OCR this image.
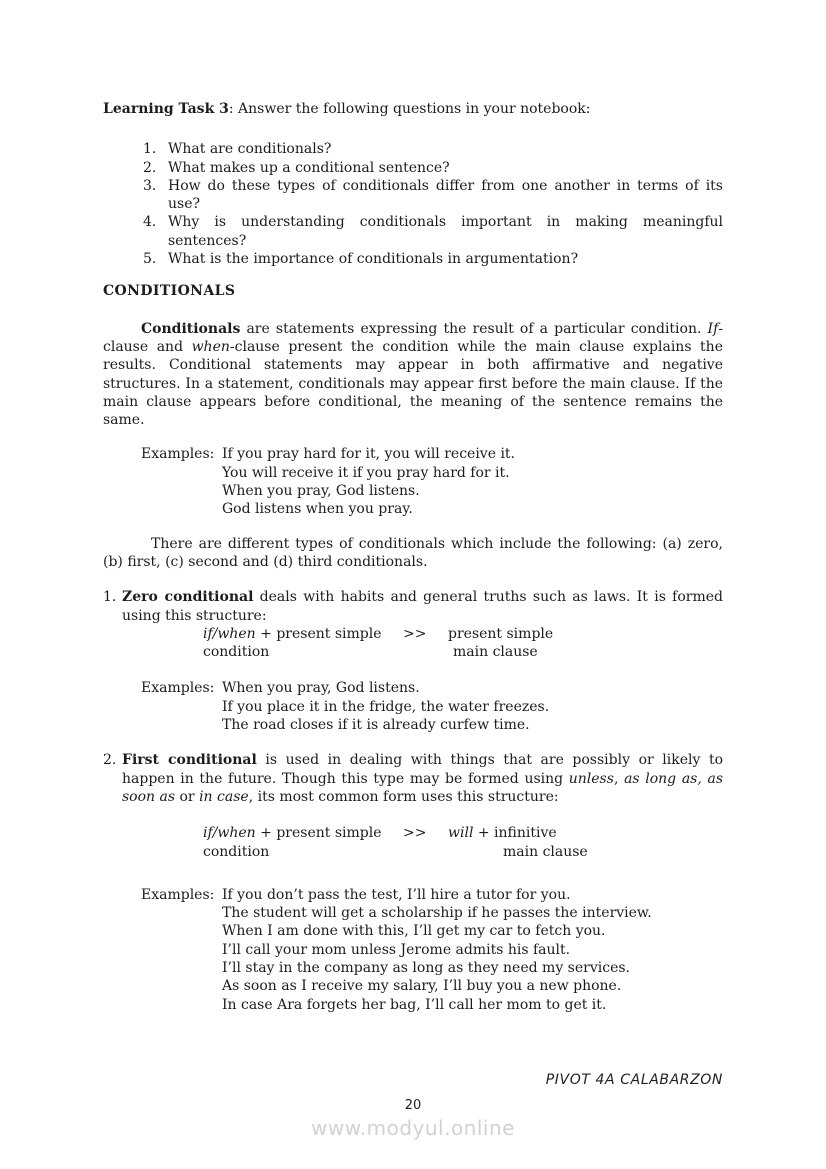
Learning Task 3: Answer the following questions in your notebook:

1. What are conditionals?
2. What makes up a conditional sentence?
3. How do these types of conditionals differ from one another in terms of its use?
4. Why is understanding conditionals important in making meaningful sentences?
5. What is the importance of conditionals in argumentation?
CONDITIONALS

Conditionals are statements expressing the result of a particular condition. If-clause and when-clause present the condition while the main clause explains the results. Conditional statements may appear in both affirmative and negative structures. In a statement, conditionals may appear first before the main clause. If the main clause appears before conditional, the meaning of the sentence remains the same.

Examples: If you pray hard for it, you will receive it.
You will receive it if you pray hard for it.
When you pray, God listens.
God listens when you pray.

There are different types of conditionals which include the following: (a) zero, (b) first, (c) second and (d) third conditionals.

1. Zero conditional deals with habits and general truths such as laws. It is formed using this structure:
if/when + present simple >> present simple
condition	main clause
Examples: When you pray, God listens.
If you place it in the fridge, the water freezes.
The road closes if it is already curfew time.
2. First conditional is used in dealing with things that are possibly or likely to happen in the future. Though this type may be formed using unless, as long as, as soon as or in case, its most common form uses this structure:
if/when + present simple >> will + infinitive
condition	main clause
Examples: If you don’t pass the test, I’ll hire a tutor for you.
The student will get a scholarship if he passes the interview.
When I am done with this, I’ll get my car to fetch you.
I’ll call your mom unless Jerome admits his fault.
I’ll stay in the company as long as they need my services.
As soon as I receive my salary, I’ll buy you a new phone.
In case Ara forgets her bag, I’ll call her mom to get it.
PIVOT 4A CALABARZON
20
www.modyul.online
